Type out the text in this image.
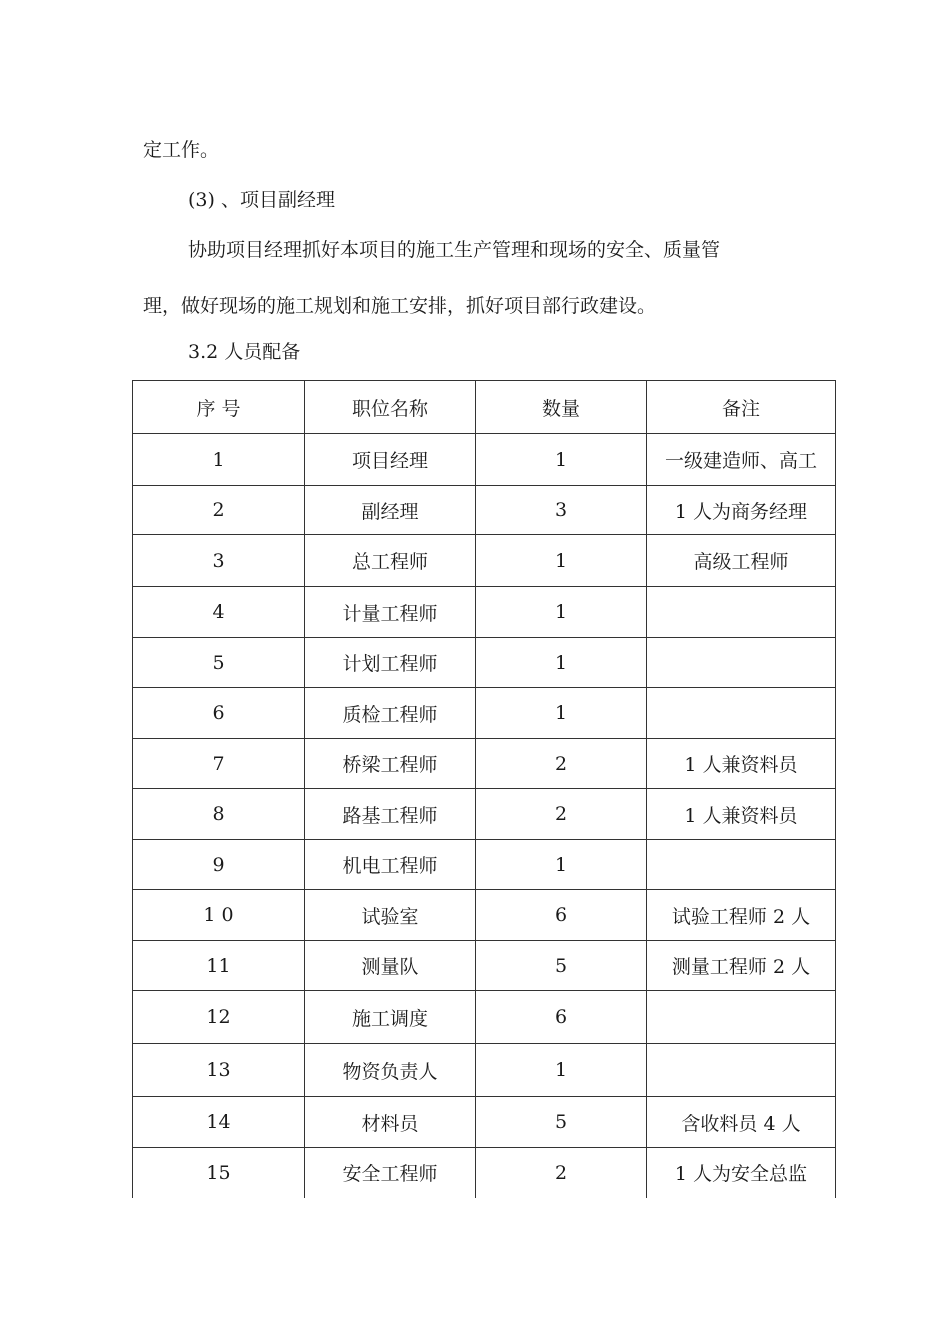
定工作。
(3) 、项目副经理
协助项目经理抓好本项目的施工生产管理和现场的安全、质量管
理，做好现场的施工规划和施工安排，抓好项目部行政建设。
3.2 人员配备
序 号	职位名称	数量	备注
1	项目经理	1	一级建造师、高工
2	副经理	3	1 人为商务经理
3	总工程师	1	高级工程师
4	计量工程师	1	
5	计划工程师	1	
6	质检工程师	1	
7	桥梁工程师	2	1 人兼资料员
8	路基工程师	2	1 人兼资料员
9	机电工程师	1	
1 0	试验室	6	试验工程师 2 人
11	测量队	5	测量工程师 2 人
12	施工调度	6	
13	物资负责人	1	
14	材料员	5	含收料员 4 人
15	安全工程师	2	1 人为安全总监
